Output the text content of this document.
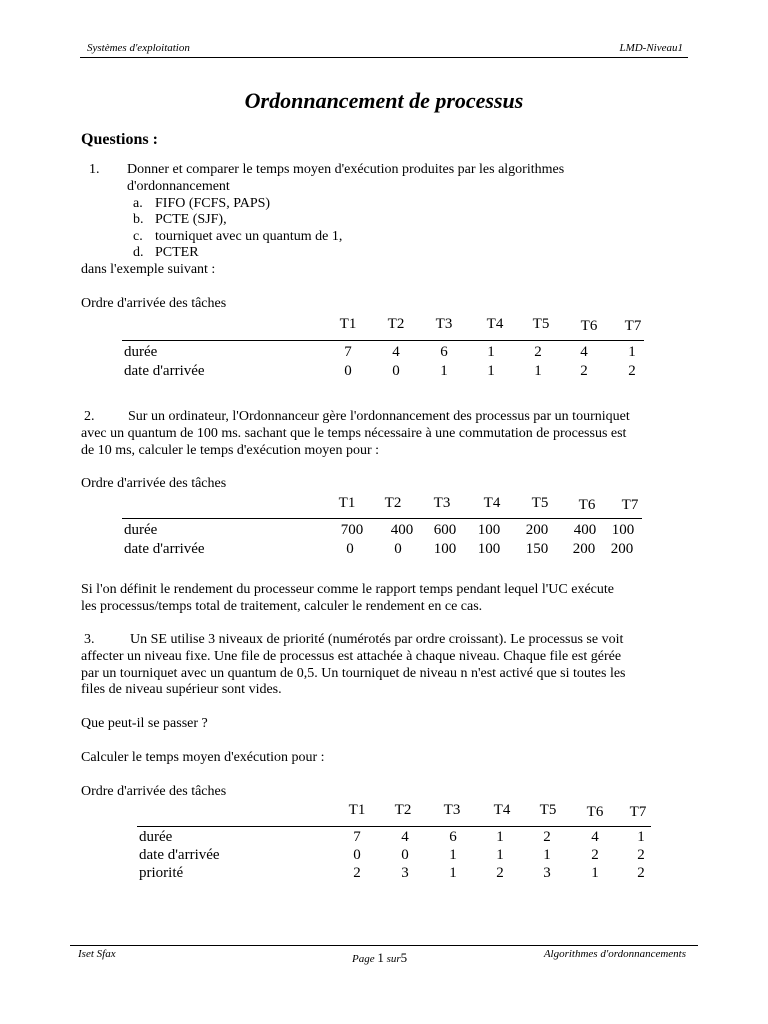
Systèmes d'exploitation	LMD-Niveau1
Ordonnancement de processus
Questions :
1. Donner et comparer le temps moyen d'exécution produites par les algorithmes
d'ordonnancement
a. FIFO (FCFS, PAPS)
b. PCTE (SJF),
c. tourniquet avec un quantum de 1,
d. PCTER
dans l'exemple suivant :
Ordre d'arrivée des tâches
T1 T2 T3 T4 T5 T6 T7
durée	7	4	6	1	2	4	1
date d'arrivée	0	0	1	1	1	2	2
2. Sur un ordinateur, l'Ordonnanceur gère l'ordonnancement des processus par un tourniquet
avec un quantum de 100 ms. sachant que le temps nécessaire à une commutation de processus est
de 10 ms, calculer le temps d'exécution moyen pour :
Ordre d'arrivée des tâches
T1 T2 T3 T4 T5 T6 T7
durée	700 400 600 100 200 400 100
date d'arrivée	0	0 100 100 150 200 200
Si l'on définit le rendement du processeur comme le rapport temps pendant lequel l'UC exécute
les processus/temps total de traitement, calculer le rendement en ce cas.
3.	Un SE utilise 3 niveaux de priorité (numérotés par ordre croissant). Le processus se voit
affecter un niveau fixe. Une file de processus est attachée à chaque niveau. Chaque file est gérée
par un tourniquet avec un quantum de 0,5. Un tourniquet de niveau n n'est activé que si toutes les
files de niveau supérieur sont vides.
Que peut-il se passer ?
Calculer le temps moyen d'exécution pour :
Ordre d'arrivée des tâches
T1 T2 T3 T4 T5 T6 T7
durée	7	4	6	1	2	4	1
date d'arrivée	0	0	1	1	1	2	2
priorité	2	3	1	2	3	1	2
Iset Sfax	Page 1 sur5	Algorithmes d'ordonnancements
